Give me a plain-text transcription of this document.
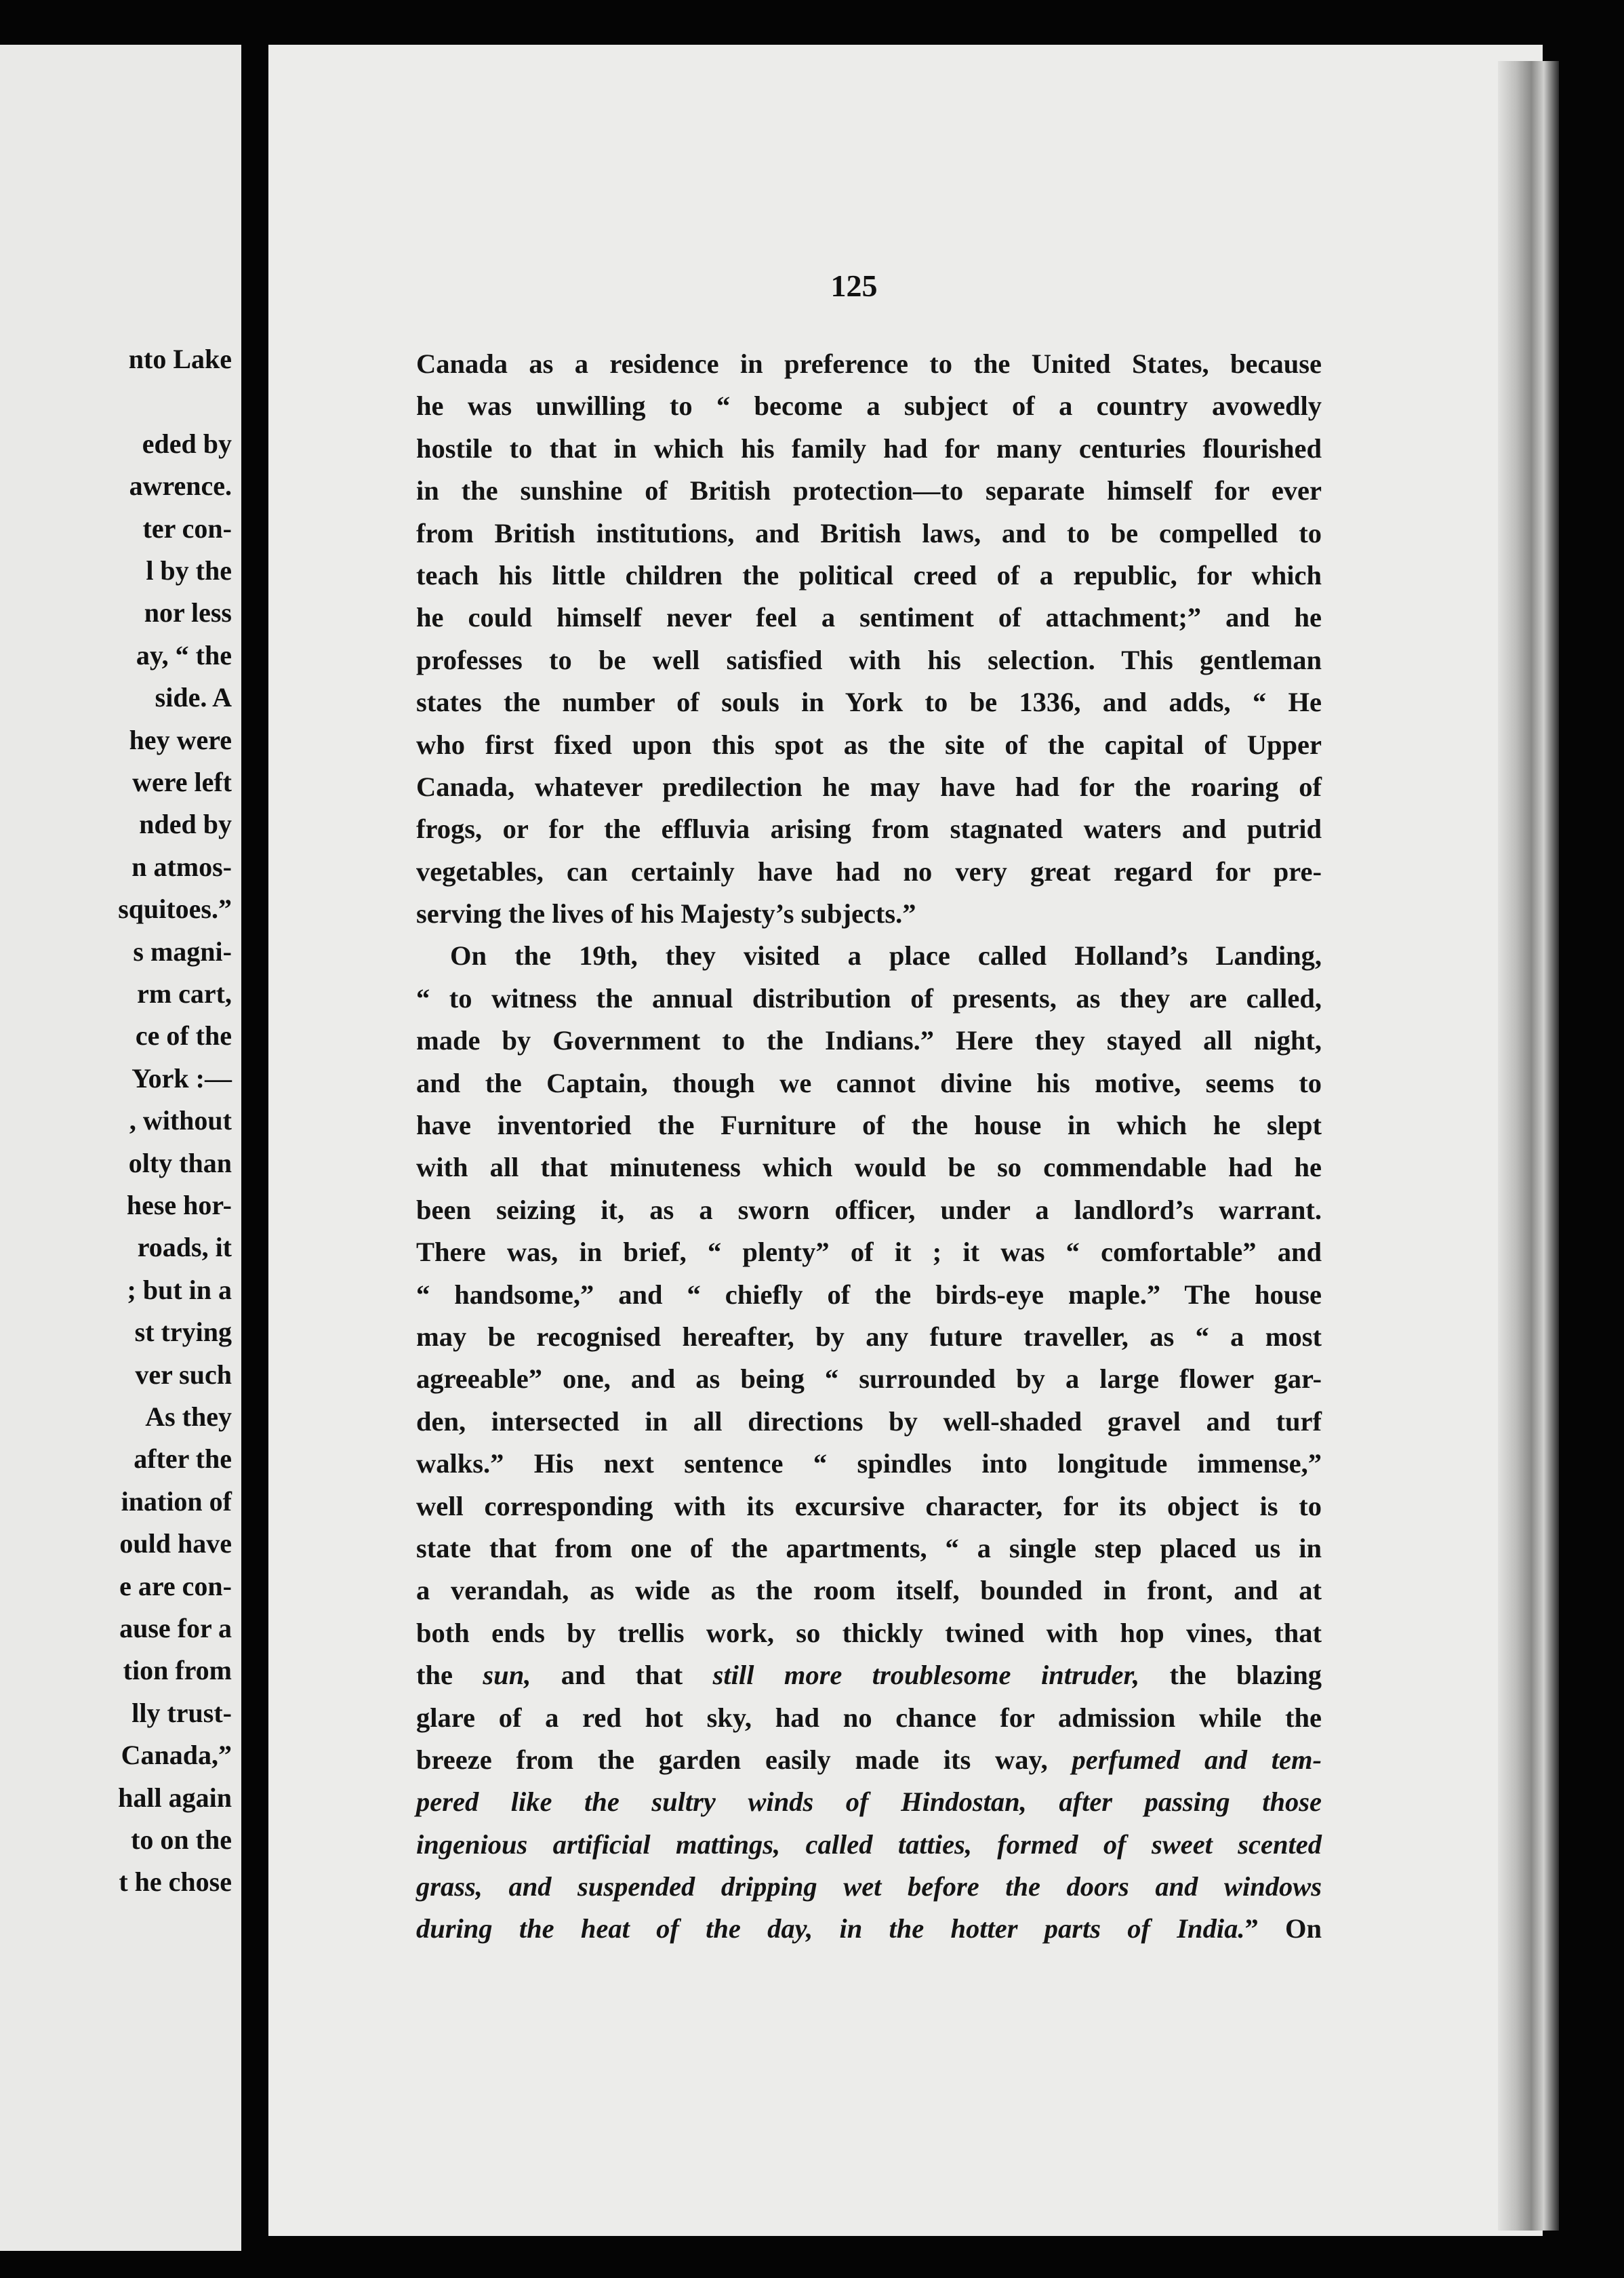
nto Lake
eded by
awrence.
ter con-
l by the
nor less
ay, “ the
side. A
hey were
were left
nded by
n atmos-
squitoes.”
s magni-
rm cart,
ce of the
York :—
, without
olty than
hese hor-
roads, it
; but in a
st trying
ver such
As they
after the
ination of
ould have
e are con-
ause for a
tion from
lly trust-
Canada,”
hall again
to on the
t he chose
125
Canada as a residence in preference to the United States, because
he was unwilling to “ become a subject of a country avowedly
hostile to that in which his family had for many centuries flourished
in the sunshine of British protection—to separate himself for ever
from British institutions, and British laws, and to be compelled to
teach his little children the political creed of a republic, for which
he could himself never feel a sentiment of attachment;” and he
professes to be well satisfied with his selection. This gentleman
states the number of souls in York to be 1336, and adds, “ He
who first fixed upon this spot as the site of the capital of Upper
Canada, whatever predilection he may have had for the roaring of
frogs, or for the effluvia arising from stagnated waters and putrid
vegetables, can certainly have had no very great regard for pre-
serving the lives of his Majesty’s subjects.”
On the 19th, they visited a place called Holland’s Landing,
“ to witness the annual distribution of presents, as they are called,
made by Government to the Indians.” Here they stayed all night,
and the Captain, though we cannot divine his motive, seems to
have inventoried the Furniture of the house in which he slept
with all that minuteness which would be so commendable had he
been seizing it, as a sworn officer, under a landlord’s warrant.
There was, in brief, “ plenty” of it ; it was “ comfortable” and
“ handsome,” and “ chiefly of the birds-eye maple.” The house
may be recognised hereafter, by any future traveller, as “ a most
agreeable” one, and as being “ surrounded by a large flower gar-
den, intersected in all directions by well-shaded gravel and turf
walks.” His next sentence “ spindles into longitude immense,”
well corresponding with its excursive character, for its object is to
state that from one of the apartments, “ a single step placed us in
a verandah, as wide as the room itself, bounded in front, and at
both ends by trellis work, so thickly twined with hop vines, that
the sun, and that still more troublesome intruder, the blazing
glare of a red hot sky, had no chance for admission while the
breeze from the garden easily made its way, perfumed and tem-
pered like the sultry winds of Hindostan, after passing those
ingenious artificial mattings, called tatties, formed of sweet scented
grass, and suspended dripping wet before the doors and windows
during the heat of the day, in the hotter parts of India.” On
